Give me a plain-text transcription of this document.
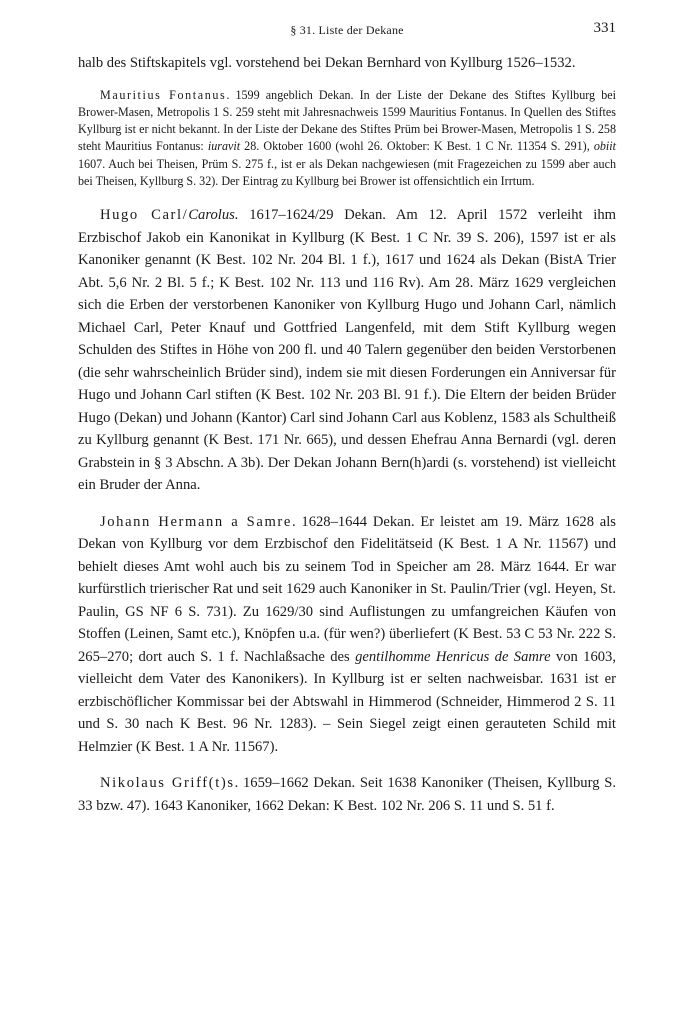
§ 31. Liste der Dekane	331

halb des Stiftskapitels vgl. vorstehend bei Dekan Bernhard von Kyllburg 1526–1532.

Mauritius Fontanus. 1599 angeblich Dekan. In der Liste der Dekane des Stiftes Kyllburg bei Brower-Masen, Metropolis 1 S. 259 steht mit Jahresnachweis 1599 Mauritius Fontanus. In Quellen des Stiftes Kyllburg ist er nicht bekannt. In der Liste der Dekane des Stiftes Prüm bei Brower-Masen, Metropolis 1 S. 258 steht Mauritius Fontanus: iuravit 28. Oktober 1600 (wohl 26. Oktober: K Best. 1 C Nr. 11354 S. 291), obiit 1607. Auch bei Theisen, Prüm S. 275 f., ist er als Dekan nachgewiesen (mit Fragezeichen zu 1599 aber auch bei Theisen, Kyllburg S. 32). Der Eintrag zu Kyllburg bei Brower ist offensichtlich ein Irrtum.

Hugo Carl/Carolus. 1617–1624/29 Dekan. Am 12. April 1572 verleiht ihm Erzbischof Jakob ein Kanonikat in Kyllburg (K Best. 1 C Nr. 39 S. 206), 1597 ist er als Kanoniker genannt (K Best. 102 Nr. 204 Bl. 1 f.), 1617 und 1624 als Dekan (BistA Trier Abt. 5,6 Nr. 2 Bl. 5 f.; K Best. 102 Nr. 113 und 116 Rv). Am 28. März 1629 vergleichen sich die Erben der verstorbenen Kanoniker von Kyllburg Hugo und Johann Carl, nämlich Michael Carl, Peter Knauf und Gottfried Langenfeld, mit dem Stift Kyllburg wegen Schulden des Stiftes in Höhe von 200 fl. und 40 Talern gegenüber den beiden Verstorbenen (die sehr wahrscheinlich Brüder sind), indem sie mit diesen Forderungen ein Anniversar für Hugo und Johann Carl stiften (K Best. 102 Nr. 203 Bl. 91 f.). Die Eltern der beiden Brüder Hugo (Dekan) und Johann (Kantor) Carl sind Johann Carl aus Koblenz, 1583 als Schultheiß zu Kyllburg genannt (K Best. 171 Nr. 665), und dessen Ehefrau Anna Bernardi (vgl. deren Grabstein in § 3 Abschn. A 3b). Der Dekan Johann Bern(h)ardi (s. vorstehend) ist vielleicht ein Bruder der Anna.

Johann Hermann a Samre. 1628–1644 Dekan. Er leistet am 19. März 1628 als Dekan von Kyllburg vor dem Erzbischof den Fidelitätseid (K Best. 1 A Nr. 11567) und behielt dieses Amt wohl auch bis zu seinem Tod in Speicher am 28. März 1644. Er war kurfürstlich trierischer Rat und seit 1629 auch Kanoniker in St. Paulin/Trier (vgl. Heyen, St. Paulin, GS NF 6 S. 731). Zu 1629/30 sind Auflistungen zu umfangreichen Käufen von Stoffen (Leinen, Samt etc.), Knöpfen u.a. (für wen?) überliefert (K Best. 53 C 53 Nr. 222 S. 265–270; dort auch S. 1 f. Nachlaßsache des gentilhomme Henricus de Samre von 1603, vielleicht dem Vater des Kanonikers). In Kyllburg ist er selten nachweisbar. 1631 ist er erzbischöflicher Kommissar bei der Abtswahl in Himmerod (Schneider, Himmerod 2 S. 11 und S. 30 nach K Best. 96 Nr. 1283). – Sein Siegel zeigt einen gerauteten Schild mit Helmzier (K Best. 1 A Nr. 11567).

Nikolaus Griff(t)s. 1659–1662 Dekan. Seit 1638 Kanoniker (Theisen, Kyllburg S. 33 bzw. 47). 1643 Kanoniker, 1662 Dekan: K Best. 102 Nr. 206 S. 11 und S. 51 f.
